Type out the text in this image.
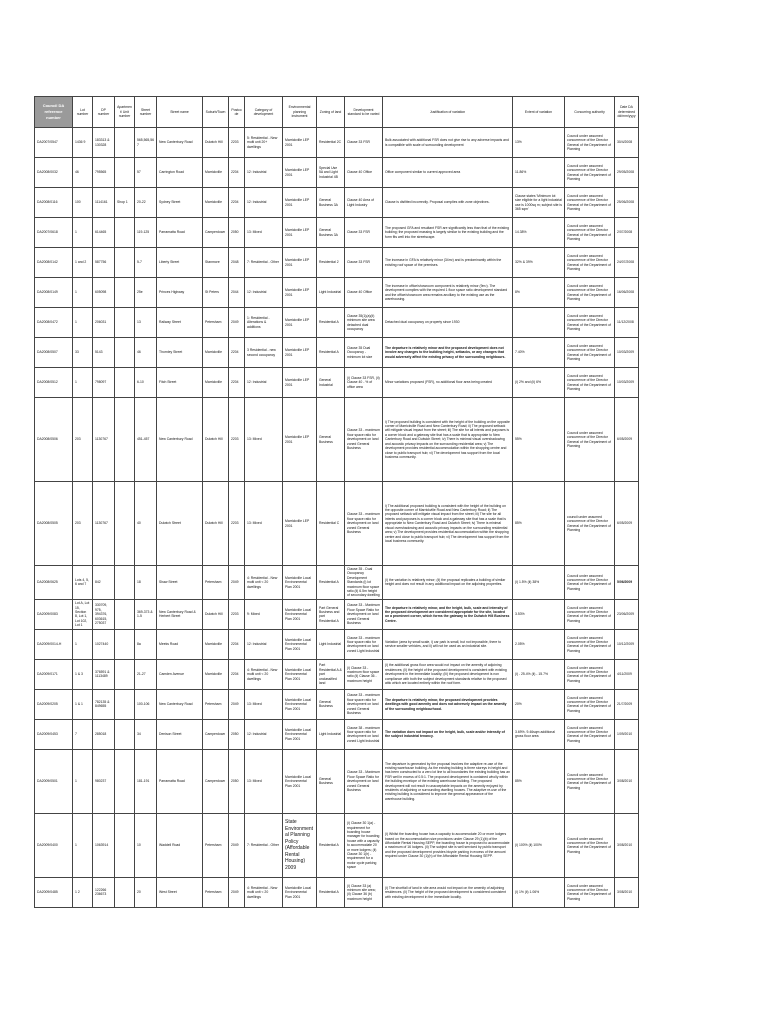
Council DA reference number	Lot number	DP number	Apartment/ Unit number	Street number	Street name	Suburb/Town	Postcode	Category of development	Environmental planning instrument	Zoning of land	Development standard to be varied	Justification of variation	Extent of variation	Concurring authority	Date DA determined dd/mm/yyyy
DA2007/0547	1436 9	183313 & 130328		565,565,567	New Canterbury Road	Dulwich Hill	2203	5: Residential - New multi unit 20+ dwellings	Marrickville LEP 2001	Residential 2C	Clause 33 FSR	Bulk associated with additional FSR does not give rise to any adverse impacts and is compatible with scale of surrounding development	13%	Council under assumed concurrence of the Director General of the Department of Planning	30/4/2008
DA2008/0032	46	795565		57	Carrington Road	Marrickville	2204	12: Industrial	Marrickville LEP 2001	Special Use 5A and Light Industrial 4B	Clause 40 Office	Office component similar to current approved area	11.86%	Council under assumed concurrence of the Director General of the Department of Planning	29/05/2008
DA2008/0116	100	1114161	Shop 1	20-22	Sydney Street	Marrickville	2204	12: Industrial	Marrickville LEP 2001	General Business 3A	Clause 40 Area of Light Industry	Clause is disfitted incorrectly. Proposal complies with zone objectives.	Clause states 'Minimum lot size eligible for a light industrial use is 1000sq m; subject site is 365 sqm'	Council under assumed concurrence of the Director General of the Department of Planning	25/06/2008
DA2007/0618	1	614465		119-125	Parramatta Road	Camperdown	2050	13: Mixed	Marrickville LEP 2001	General Business 3A	Clause 33 FSR	The proposed GFA and resultant FSR are significantly less than that of the existing building; the proposed massing is largely similar to the existing building and the form fits well into the streetscape.	14.38%	Council under assumed concurrence of the Director General of the Department of Planning	2/07/2008
DA2008/0142	1 and 2	587756		5-7	Liberty Street	Stanmore	2048	7: Residential - Other	Marrickville LEP 2001	Residential 2	Clause 33 FSR	The increase in GFA is relatively minor (34m²) and is predominantly within the existing roof space of the premises.	32% & 39%	Council under assumed concurrence of the Director General of the Department of Planning	24/07/2008
DA2008/0149	1	605098		25e	Princes Highway	St Peters	2044	12: Industrial	Marrickville LEP 2001	Light Industrial	Clause 40 Office	The increase in office/showroom component is relatively minor (9m²). The development complies with the required 1 floor space ratio development standard and the office/showroom area remains ancillary to the existing use as the warehousing.	8%	Council under assumed concurrence of the Director General of the Department of Planning	16/06/2008
DA2008/0472	1	206031		13	Railway Street	Petersham	2049	1: Residential - Alterations & additions	Marrickville LEP 2001	Residential A	Clause 35(1)(a)(ii) minimum site area detached dual occupancy	Detached dual occupancy on property since 1930		Council under assumed concurrence of the Director General of the Department of Planning	11/12/2008
DA2008/0507	33	5143		46	Thornley Street	Marrickville	2204	3 Residential - new second occupancy	Marrickville LEP 2001	Residential A	Clause 35 Dual Occupancy - minimum lot size	The departure is relatively minor and the proposed development does not involve any changes to the building height, setbacks, or any changes that would adversely affect the existing privacy of the surrounding neighbours.	7.40%	Council under assumed concurrence of the Director General of the Department of Planning	10/03/2009
DA2008/0512	1	798097		6-10	Fitch Street	Marrickville	2204	12: Industrial	Marrickville LEP 2001	General Industrial	(i) Clause 33 FSR, (ii) Clause 40 - % of office area	Minor variations proposed (FSR), no additional floor area being created	(i) 2% and (ii) 6%	Council under assumed concurrence of the Director General of the Department of Planning	10/03/2009
DA2008/0506	203	1130767		451-457	New Canterbury Road	Dulwich Hill	2203	13: Mixed	Marrickville LEP 2001	General Business	Clause 33 - maximum floor space ratio for development on land zoned General Business	i) The proposed building is consistent with the height of the building on the opposite corner of Marrickville Road and New Canterbury Road; ii) The proposed setback will mitigate visual impact from the street; iii) The site for all intents and purposes is a corner block and a gateway site that has a scale that is appropriate to New Canterbury Road and Dulwich Street; iv) There is minimal visual overshadowing and acoustic privacy impacts on the surrounding residential area; v) The development provides residential accommodation within the shopping centre and close to public transport hub; vi) The development has support from the local business community.	55%	Council under assumed concurrence of the Director General of the Department of Planning	6/05/2009
DA2008/0505	203	1130767		40	Dulwich Street	Dulwich Hill	2203	13: Mixed	Marrickville LEP 2001	Residential C	Clause 33 - maximum floor space ratio for development on land zoned General Business	i) The additional proposed building is consistent with the height of the building on the opposite corner of Marrickville Road and New Canterbury Road; ii) The proposed setback will mitigate visual impact from the street; iii) The site for all intents and purposes is a corner block and a gateway site that has a scale that is appropriate to New Canterbury Road and Dulwich Street; iv) There is minimal visual overshadowing and acoustic privacy impacts on the surrounding residential area; v) The development provides residential accommodation within the shopping centre and close to public transport hub; vi) The development has support from the local business community.	85%	council under assumed concurrence of the Director General of the Department of Planning	6/05/2009
DA2008/0625	Lots 4, 5, 6 and 7	842		18	Shaw Street	Petersham	2049	4: Residential - New multi unit < 20 dwellings	Marrickville Local Environmental Plan 2001	Residential A	Clause 35 - Dual Occupancy Development Standards (i) lot maximum floor space ratio (ii) 6.5m height of secondary dwelling	(i) the variation is relatively minor; (ii) the proposal replicates a building of similar height and does not result in any additional impact on the adjoining properties.	(i) 1.5% (ii) 38%	Council under assumed concurrence of the Director General of the Department of Planning	5/06/2009
DA2009/0083	Lot A, Lot 15, Section 8, Lot 1, Lot 102, Lot 1	330709, 975, 394376, 603615, 275037		369-373 & 1-5	New Canterbury Road & Herbert Street	Dulwich Hill	2203	9: Mixed	Marrickville Local Environmental Plan 2001	Part General Business and part Residential A	Clause 33 - Maximum Floor Space Ratio for development on land zoned General Business	The departure is relatively minor, and the height, bulk, scale and intensity of the proposed development are considered appropriate for the site, located on a prominent corner, which forms the gateway to the Dulwich Hill Business Centre.	3.53%	Council under assumed concurrence of the Director General of the Department of Planning	23/06/2009
DA2009/0014-H	1	1027440		8a	Meeks Road	Marrickville	2204	12: Industrial	Marrickville Local Environmental Plan 2001	Light Industrial	Clause 33 - maximum floor space ratio for development on land zoned Light Industrial	Variation (area by small scale, i) car park is small, but not impossible, there to service smaller vehicles, and ii) will not be used as an industrial site.	2.05%	Council under assumed concurrence of the Director General of the Department of Planning	10/12/2009
DA2009/0171	1 & 3	376591 & 1113489		21-27	Camden Avenue	Marrickville	2204	4: Residential - New multi unit < 20 dwellings	Marrickville Local Environmental Plan 2001	Part Residential A & part unclassified land	(i) Clause 33 - maximum floor space ratio (ii) Clause 36 - maximum height	(i) the additional gross floor area would not impact on the amenity of adjoining residences; (ii) the height of the proposed development is consistent with existing development in the immediate locality; (iii) the proposed development is non compliance with both the subject development standards relative to the proposed attic which are located entirely within the roof form.	(i) - 25.4% (ii) - 15.7%	Council under assumed concurrence of the Director General of the Department of Planning	4/11/2009
DA2009/0205	1 & 1	782135 & 849655		100-106	New Canterbury Road	Petersham	2049	13: Mixed	Marrickville Local Environmental Plan 2001	General Business	Clause 33 - maximum floor space ratio for development on land zoned General Business	The departure is relatively minor, the proposed development provides dwellings with good amenity and does not adversely impact on the amenity of the surrounding neighbourhood.	20%	Council under assumed concurrence of the Director General of the Department of Planning	21/7/2009
DA2009/0453	7	285018		34	Denison Street	Camperdown	2050	12: Industrial	Marrickville Local Environmental Plan 2001	Light Industrial	Clause 38 - maximum floor space ratio for development on land zoned Light Industrial	The variation does not impact on the height, bulk, scale and/or intensity of the subject industrial tenancy.	3.69%. 9.46sqm additional gross floor area	Council under assumed concurrence of the Director General of the Department of Planning	1/09/2010
DA2009/0501	1	980237		181-191	Parramatta Road	Camperdown	2050	13: Mixed	Marrickville Local Environmental Plan 2001	General Business	Clause 33 - Maximum Floor Space Ratio for development on land zoned General Business	The departure is generated by the proposal involves the adaptive re-use of the existing warehouse building. As the existing building is three storeys in height and has been constructed to a zero lot line to all boundaries the existing building has an FSR well in excess of 0.5:1. The proposed development is contained wholly within the building envelope of the existing warehouse building. The proposed development will not result in unacceptable impacts on the amenity enjoyed by residents of adjoining or surrounding dwelling houses. The adaptive re-use of the existing building is considered to improve the general appearance of the warehouse building.	85%	Council under assumed concurrence of the Director General of the Department of Planning	3/08/2010
DA2009/0400	1	1063914		10	Waddell Road	Petersham	2049	7: Residential - Other	State Environmental Planning Policy (Affordable Rental Housing) 2009	Residential A	(i) Clause 30 1(a) - requirement for boarding house manager for boarding house with a capacity to accommodate 20 or more lodgers; (ii) Clause 30 1(h) - requirement for a motor cycle parking space	(i) Whilst the boarding house has a capacity to accommodate 20 or more lodgers based on the accommodation size provisions under Clause 29 (1)(b) of the Affordable Rental Housing SEPP, the boarding house is proposed to accommodate a maximum of 16 lodgers. (ii) The subject site is well serviced by public transport and the proposed development provides bicycle parking in excess of the amount required under Clause 30 (1)(h) of the Affordable Rental Housing SEPP.	(i) 100% (ii) 100%	Council under assumed concurrence of the Director General of the Department of Planning	3/08/2010
DA2009/0485	1 2	122266 236673		20	West Street	Petersham	2049	4: Residential - New multi unit < 20 dwellings	Marrickville Local Environmental Plan 2001	Residential A	(i) Clause 33 (a) minimum site area; (ii) Clause 36 (b) maximum height	(i) The shortfall of land in site area would not impact on the amenity of adjoining residences. (ii) The height of the proposed development is considered consistent with existing development in the immediate locality.	(i) 1% (ii) 1.06%	Council under assumed concurrence of the Director General of the Department of Planning	3/08/2010
